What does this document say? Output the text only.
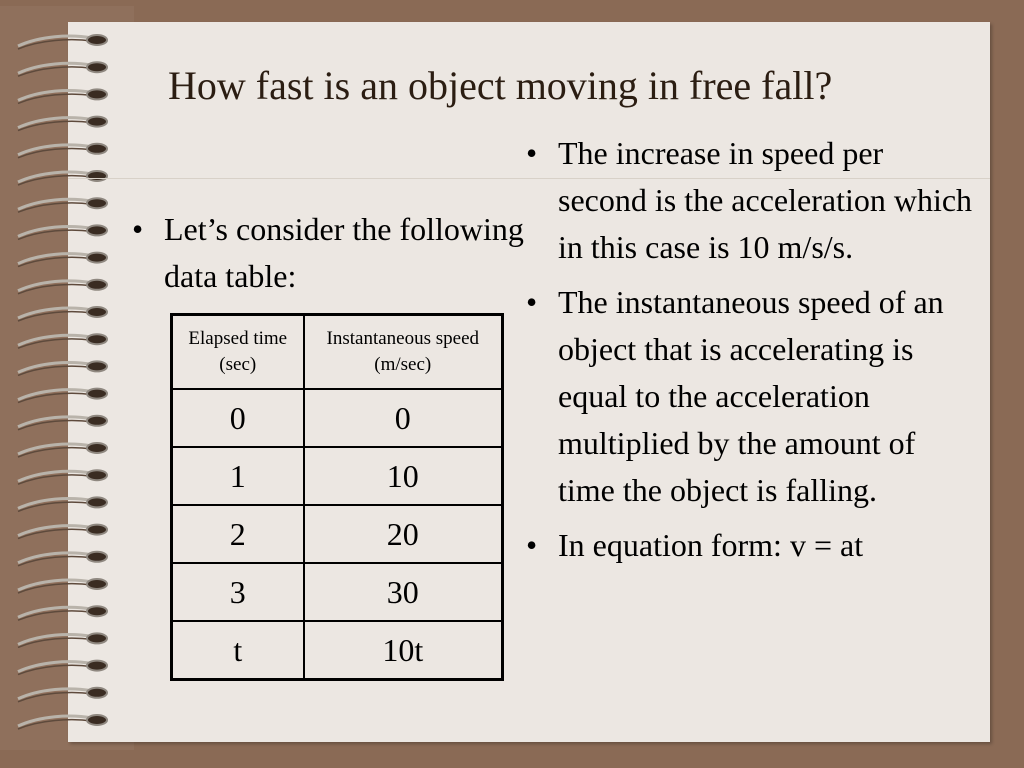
How fast is an object moving in free fall?
• Let’s consider the following data table:
Elapsed time (sec)	Instantaneous speed (m/sec)
0	0
1	10
2	20
3	30
t	10t
• The increase in speed per second is the acceleration which in this case is 10 m/s/s.
• The instantaneous speed of an object that is accelerating is equal to the acceleration multiplied by the amount of time the object is falling.
• In equation form: v = at
